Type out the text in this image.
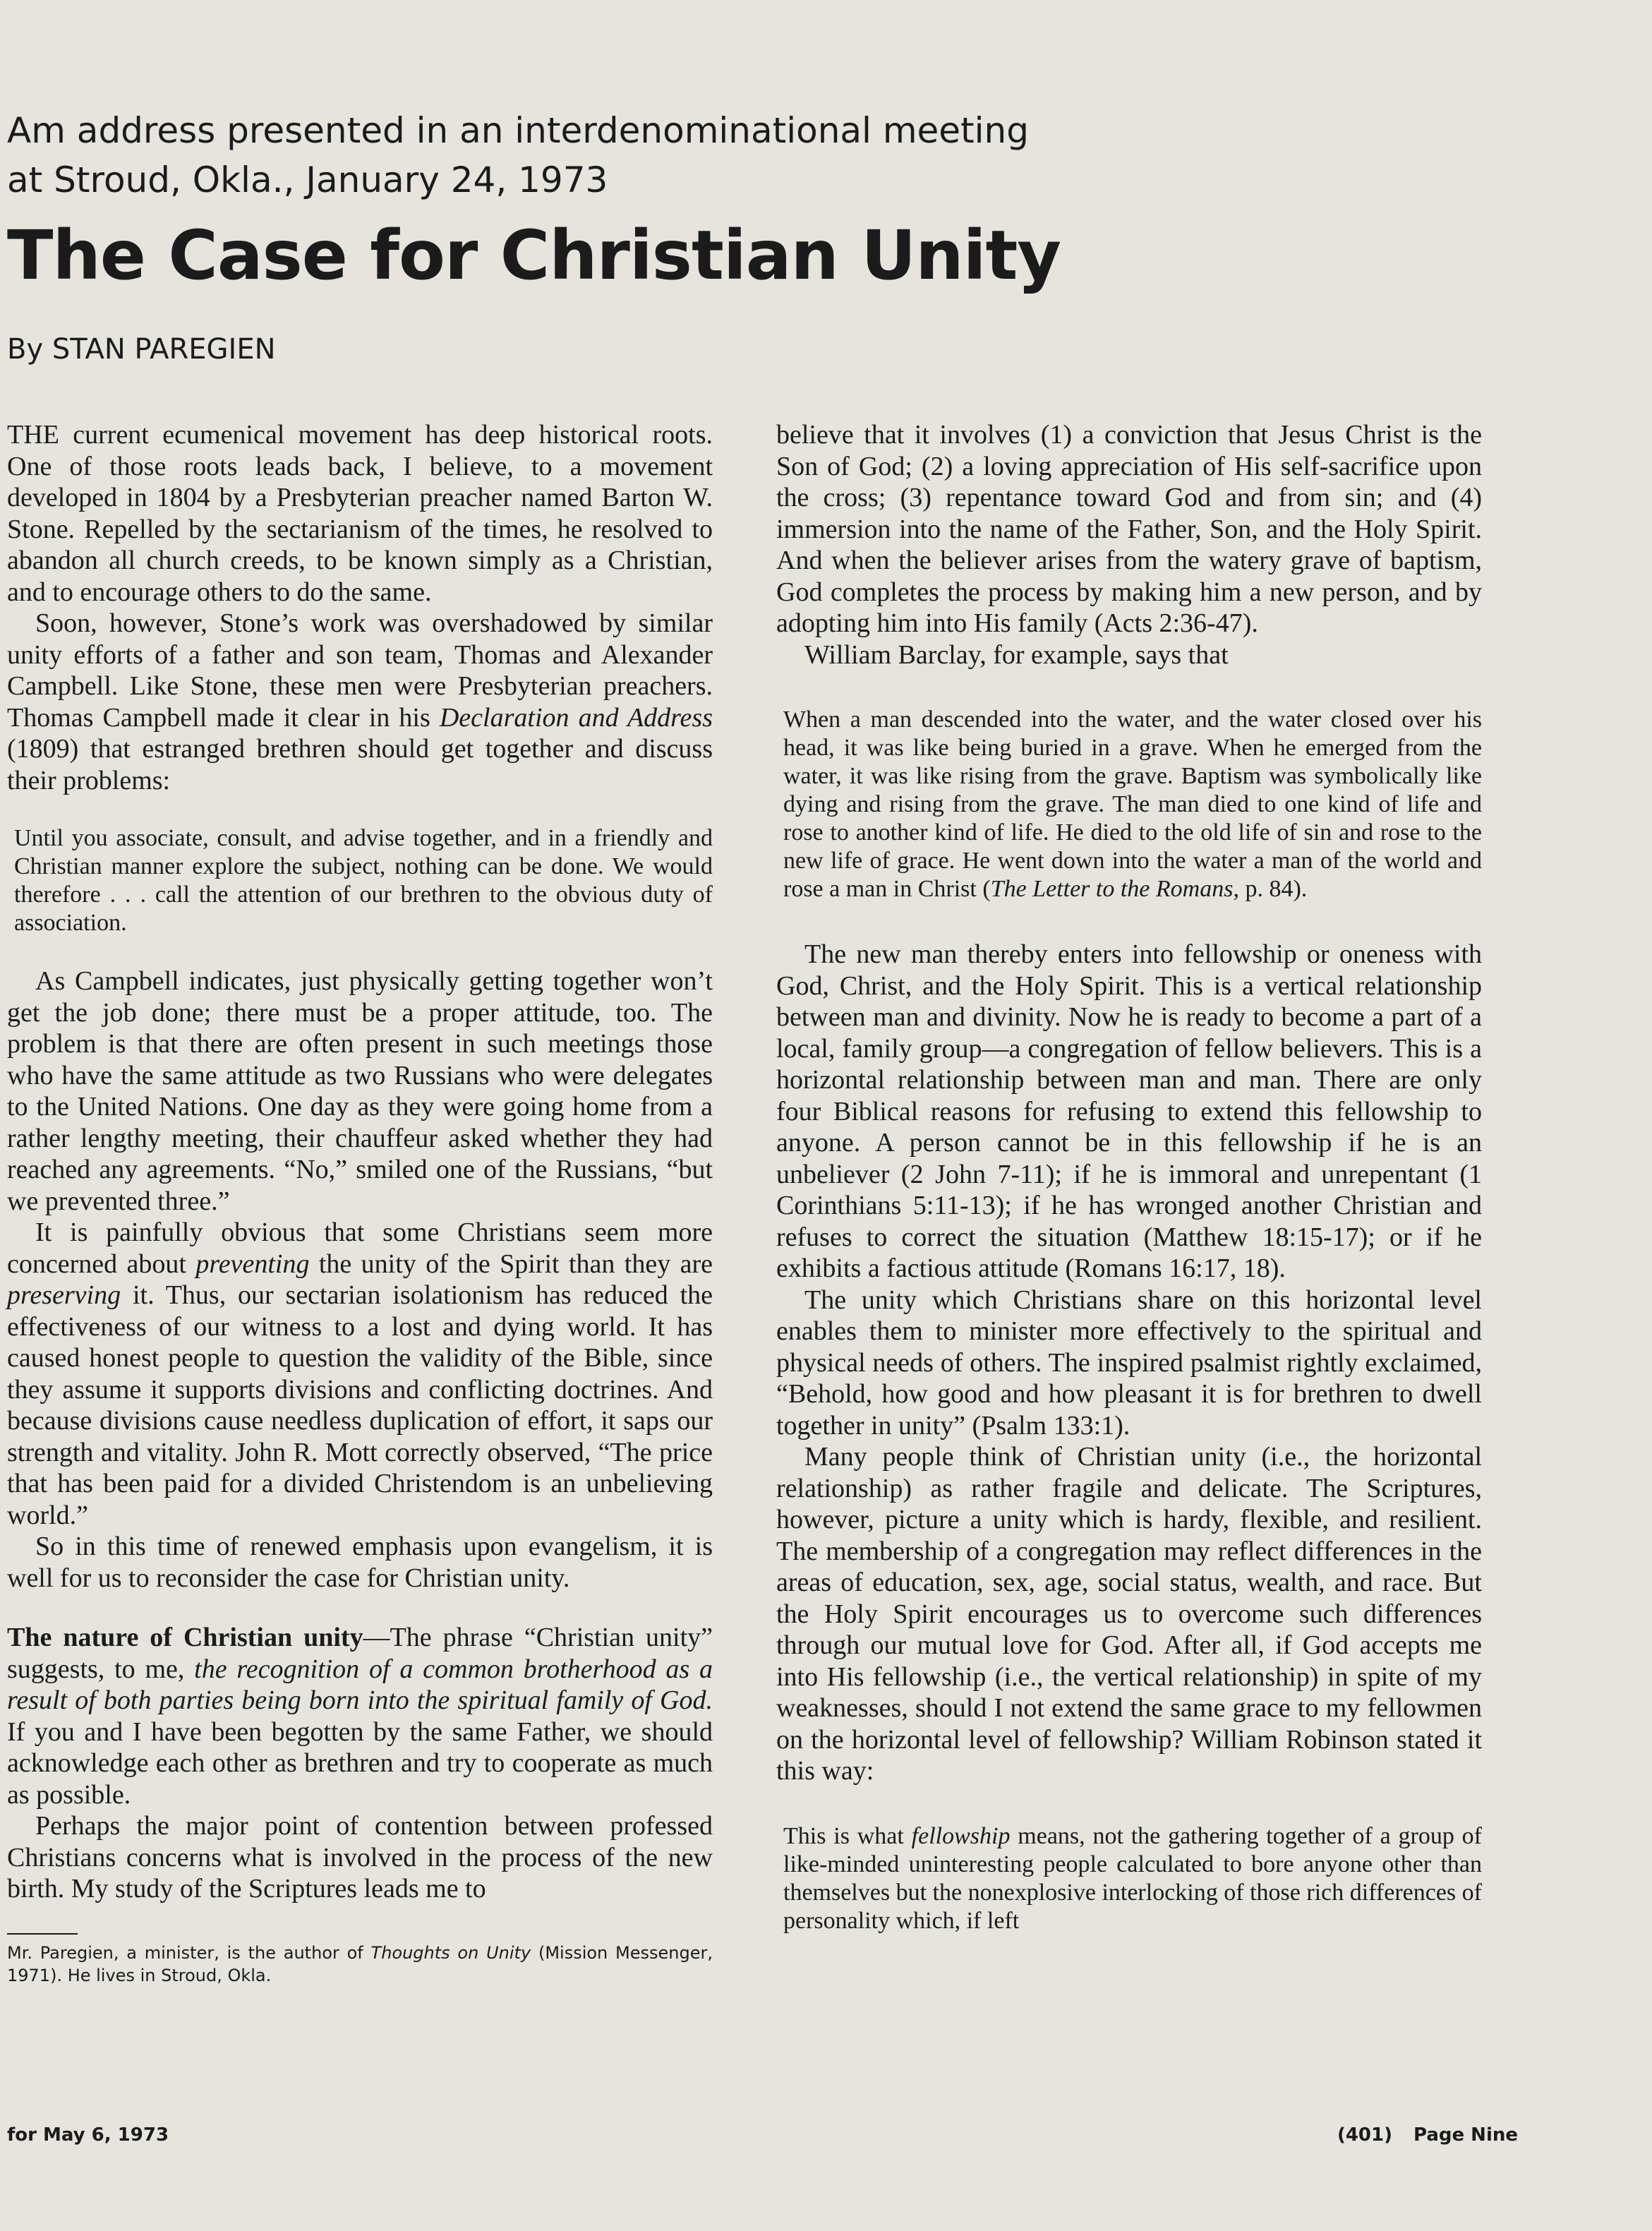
Am address presented in an interdenominational meeting

at Stroud, Okla., January 24, 1973

The Case for Christian Unity

By STAN PAREGIEN

THE current ecumenical movement has deep historical roots. One of those roots leads back, I believe, to a movement developed in 1804 by a Presbyterian preacher named Barton W. Stone. Repelled by the sectarianism of the times, he resolved to abandon all church creeds, to be known simply as a Christian, and to encourage others to do the same.

Soon, however, Stone’s work was overshadowed by similar unity efforts of a father and son team, Thomas and Alexander Campbell. Like Stone, these men were Presbyterian preachers. Thomas Campbell made it clear in his Declaration and Address (1809) that estranged brethren should get together and discuss their problems:

Until you associate, consult, and advise together, and in a friendly and Christian manner explore the subject, nothing can be done. We would therefore . . . call the attention of our brethren to the obvious duty of association.

As Campbell indicates, just physically getting together won’t get the job done; there must be a proper attitude, too. The problem is that there are often present in such meetings those who have the same attitude as two Russians who were delegates to the United Nations. One day as they were going home from a rather lengthy meeting, their chauffeur asked whether they had reached any agreements. “No,” smiled one of the Russians, “but we prevented three.”

It is painfully obvious that some Christians seem more concerned about preventing the unity of the Spirit than they are preserving it. Thus, our sectarian isolationism has reduced the effectiveness of our witness to a lost and dying world. It has caused honest people to question the validity of the Bible, since they assume it supports divisions and conflicting doctrines. And because divisions cause needless duplication of effort, it saps our strength and vitality. John R. Mott correctly observed, “The price that has been paid for a divided Christendom is an unbelieving world.”

So in this time of renewed emphasis upon evangelism, it is well for us to reconsider the case for Christian unity.

The nature of Christian unity—The phrase “Christian unity” suggests, to me, the recognition of a common brotherhood as a result of both parties being born into the spiritual family of God. If you and I have been begotten by the same Father, we should acknowledge each other as brethren and try to cooperate as much as possible.

Perhaps the major point of contention between professed Christians concerns what is involved in the process of the new birth. My study of the Scriptures leads me to

Mr. Paregien, a minister, is the author of Thoughts on Unity (Mission Messenger, 1971). He lives in Stroud, Okla.

believe that it involves (1) a conviction that Jesus Christ is the Son of God; (2) a loving appreciation of His self-sacrifice upon the cross; (3) repentance toward God and from sin; and (4) immersion into the name of the Father, Son, and the Holy Spirit. And when the believer arises from the watery grave of baptism, God completes the process by making him a new person, and by adopting him into His family (Acts 2:36-47).

William Barclay, for example, says that

When a man descended into the water, and the water closed over his head, it was like being buried in a grave. When he emerged from the water, it was like rising from the grave. Baptism was symbolically like dying and rising from the grave. The man died to one kind of life and rose to another kind of life. He died to the old life of sin and rose to the new life of grace. He went down into the water a man of the world and rose a man in Christ (The Letter to the Romans, p. 84).

The new man thereby enters into fellowship or oneness with God, Christ, and the Holy Spirit. This is a vertical relationship between man and divinity. Now he is ready to become a part of a local, family group—a congregation of fellow believers. This is a horizontal relationship between man and man. There are only four Biblical reasons for refusing to extend this fellowship to anyone. A person cannot be in this fellowship if he is an unbeliever (2 John 7-11); if he is immoral and unrepentant (1 Corinthians 5:11-13); if he has wronged another Christian and refuses to correct the situation (Matthew 18:15-17); or if he exhibits a factious attitude (Romans 16:17, 18).

The unity which Christians share on this horizontal level enables them to minister more effectively to the spiritual and physical needs of others. The inspired psalmist rightly exclaimed, “Behold, how good and how pleasant it is for brethren to dwell together in unity” (Psalm 133:1).

Many people think of Christian unity (i.e., the horizontal relationship) as rather fragile and delicate. The Scriptures, however, picture a unity which is hardy, flexible, and resilient. The membership of a congregation may reflect differences in the areas of education, sex, age, social status, wealth, and race. But the Holy Spirit encourages us to overcome such differences through our mutual love for God. After all, if God accepts me into His fellowship (i.e., the vertical relationship) in spite of my weaknesses, should I not extend the same grace to my fellowmen on the horizontal level of fellowship? William Robinson stated it this way:

This is what fellowship means, not the gathering together of a group of like-minded uninteresting people calculated to bore anyone other than themselves but the nonexplosive interlocking of those rich differences of personality which, if left
for May 6, 1973	(401) Page Nine
